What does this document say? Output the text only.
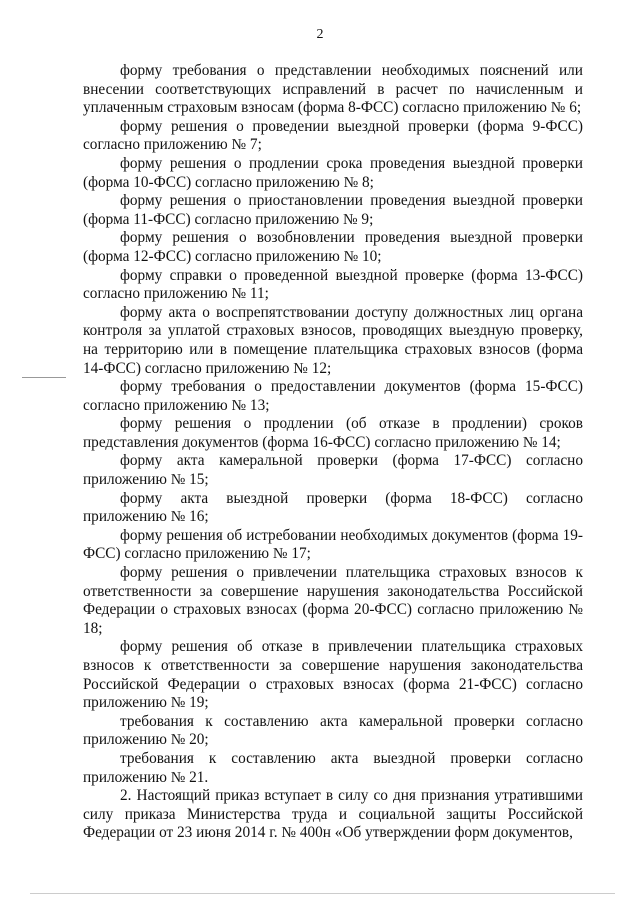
2

форму требования о представлении необходимых пояснений или внесении соответствующих исправлений в расчет по начисленным и уплаченным страховым взносам (форма 8-ФСС) согласно приложению № 6;

форму решения о проведении выездной проверки (форма 9-ФСС) согласно приложению № 7;

форму решения о продлении срока проведения выездной проверки (форма 10-ФСС) согласно приложению № 8;

форму решения о приостановлении проведения выездной проверки (форма 11-ФСС) согласно приложению № 9;

форму решения о возобновлении проведения выездной проверки (форма 12-ФСС) согласно приложению № 10;

форму справки о проведенной выездной проверке (форма 13-ФСС) согласно приложению № 11;

форму акта о воспрепятствовании доступу должностных лиц органа контроля за уплатой страховых взносов, проводящих выездную проверку, на территорию или в помещение плательщика страховых взносов (форма 14-ФСС) согласно приложению № 12;

форму требования о предоставлении документов (форма 15-ФСС) согласно приложению № 13;

форму решения о продлении (об отказе в продлении) сроков представления документов (форма 16-ФСС) согласно приложению № 14;

форму акта камеральной проверки (форма 17-ФСС) согласно приложению № 15;

форму акта выездной проверки (форма 18-ФСС) согласно приложению № 16;

форму решения об истребовании необходимых документов (форма 19-ФСС) согласно приложению № 17;

форму решения о привлечении плательщика страховых взносов к ответственности за совершение нарушения законодательства Российской Федерации о страховых взносах (форма 20-ФСС) согласно приложению № 18;

форму решения об отказе в привлечении плательщика страховых взносов к ответственности за совершение нарушения законодательства Российской Федерации о страховых взносах (форма 21-ФСС) согласно приложению № 19;

требования к составлению акта камеральной проверки согласно приложению № 20;

требования к составлению акта выездной проверки согласно приложению № 21.

2. Настоящий приказ вступает в силу со дня признания утратившими силу приказа Министерства труда и социальной защиты Российской Федерации от 23 июня 2014 г. № 400н «Об утверждении форм документов,
